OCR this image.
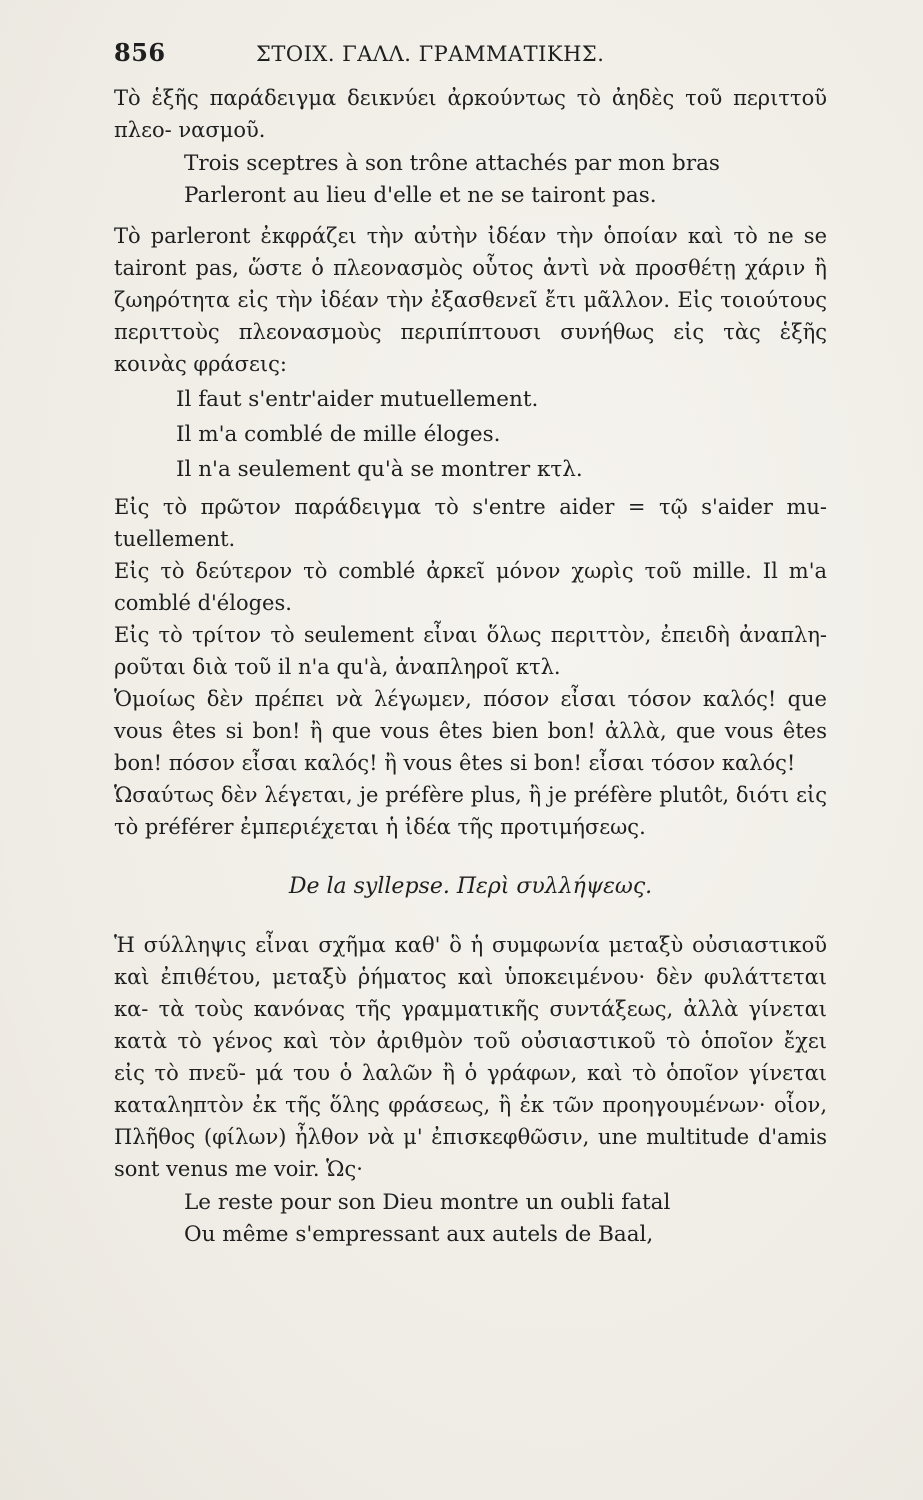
856	ΣΤΟΙΧ. ΓΑΛΛ. ΓΡΑΜΜΑΤΙΚΗΣ.

Τὸ ἑξῆς παράδειγμα δεικνύει ἀρκούντως τὸ ἀηδὲς τοῦ περιττοῦ πλεο- νασμοῦ.

Trois sceptres à son trône attachés par mon bras
Parleront au lieu d'elle et ne se tairont pas.

Τὸ parleront ἐκφράζει τὴν αὐτὴν ἰδέαν τὴν ὁποίαν καὶ τὸ ne se tairont pas, ὥστε ὁ πλεονασμὸς οὗτος ἀντὶ νὰ προσθέτῃ χάριν ἢ ζωηρότητα εἰς τὴν ἰδέαν τὴν ἐξασθενεῖ ἔτι μᾶλλον. Εἰς τοιούτους περιττοὺς πλεονασμοὺς περιπίπτουσι συνήθως εἰς τὰς ἑξῆς κοινὰς φράσεις:

Il faut s'entr'aider mutuellement.
Il m'a comblé de mille éloges.
Il n'a seulement qu'à se montrer κτλ.

Εἰς τὸ πρῶτον παράδειγμα τὸ s'entre aider = τῷ s'aider mu- tuellement.

Εἰς τὸ δεύτερον τὸ comblé ἀρκεῖ μόνον χωρὶς τοῦ mille. Il m'a comblé d'éloges.

Εἰς τὸ τρίτον τὸ seulement εἶναι ὅλως περιττὸν, ἐπειδὴ ἀναπλη- ροῦται διὰ τοῦ il n'a qu'à, ἀναπληροῖ κτλ.

Ὁμοίως δὲν πρέπει νὰ λέγωμεν, πόσον εἶσαι τόσον καλός! que vous êtes si bon! ἢ que vous êtes bien bon! ἀλλὰ, que vous êtes bon! πόσον εἶσαι καλός! ἢ vous êtes si bon! εἶσαι τόσον καλός!

Ὡσαύτως δὲν λέγεται, je préfère plus, ἢ je préfère plutôt, διότι εἰς τὸ préférer ἐμπεριέχεται ἡ ἰδέα τῆς προτιμήσεως.

De la syllepse. Περὶ συλλήψεως.

Ἡ σύλληψις εἶναι σχῆμα καθ' ὃ ἡ συμφωνία μεταξὺ οὐσιαστικοῦ καὶ ἐπιθέτου, μεταξὺ ῥήματος καὶ ὑποκειμένου· δὲν φυλάττεται κα- τὰ τοὺς κανόνας τῆς γραμματικῆς συντάξεως, ἀλλὰ γίνεται κατὰ τὸ γένος καὶ τὸν ἀριθμὸν τοῦ οὐσιαστικοῦ τὸ ὁποῖον ἔχει εἰς τὸ πνεῦ- μά του ὁ λαλῶν ἢ ὁ γράφων, καὶ τὸ ὁποῖον γίνεται καταληπτὸν ἐκ τῆς ὅλης φράσεως, ἢ ἐκ τῶν προηγουμένων· οἷον, Πλῆθος (φίλων) ἦλθον νὰ μ' ἐπισκεφθῶσιν, une multitude d'amis sont venus me voir. Ὡς·

Le reste pour son Dieu montre un oubli fatal
Ou même s'empressant aux autels de Baal,
